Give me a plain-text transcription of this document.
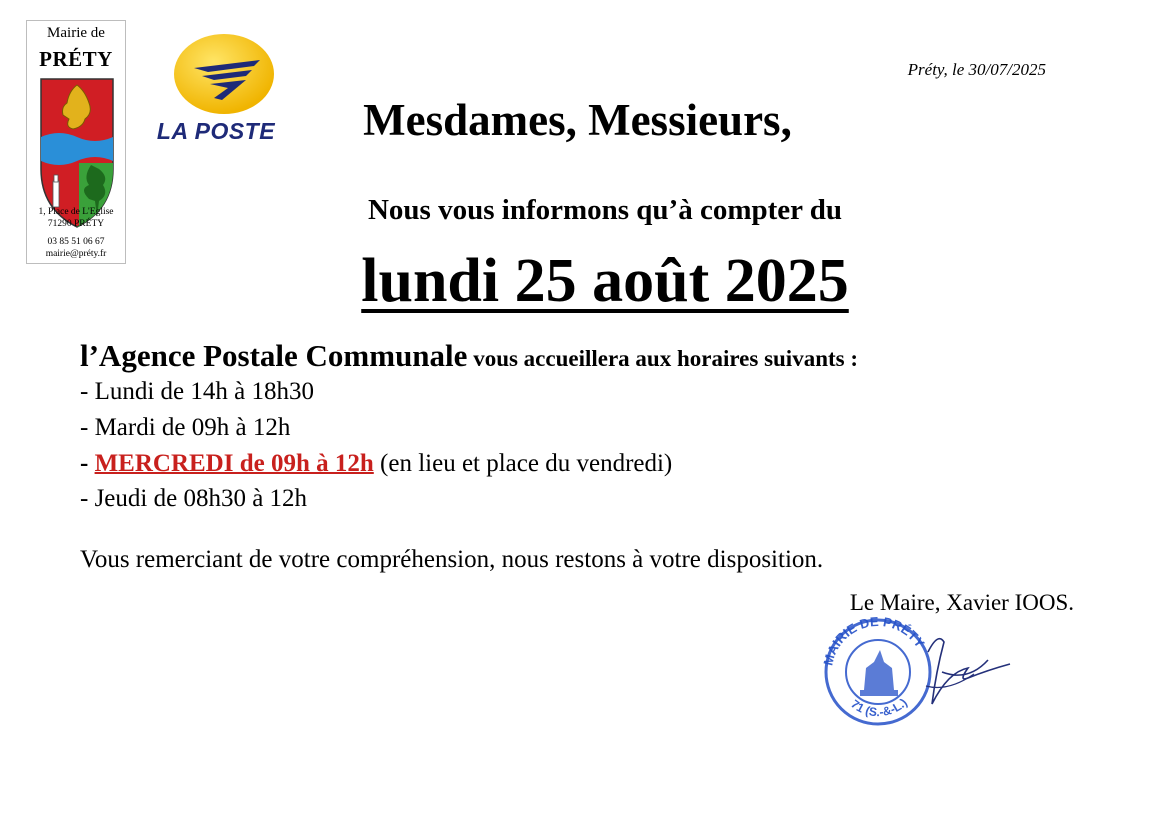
Mairie de
PRÉTY
1, Place de L'Eglise
71290 PRÉTY
03 85 51 06 67
mairie@préty.fr
LA POSTE
Préty, le 30/07/2025
Mesdames, Messieurs,
Nous vous informons qu’à compter du
lundi 25 août 2025
l’Agence Postale Communale vous accueillera aux horaires suivants :
- Lundi de 14h à 18h30
- Mardi de 09h à 12h
- MERCREDI de 09h à 12h (en lieu et place du vendredi)
- Jeudi de 08h30 à 12h
Vous remerciant de votre compréhension, nous restons à votre disposition.
Le Maire, Xavier IOOS.
MAIRIE DE PRÉTY
71 (S.-&-L.)
